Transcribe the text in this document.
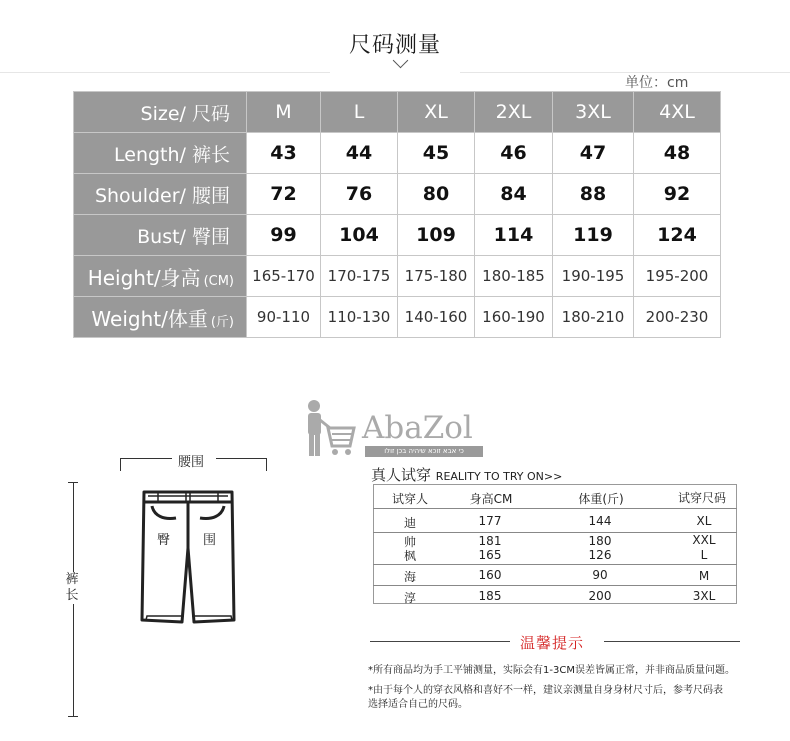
尺码测量
单位：cm
Size/ 尺码	M	L	XL	2XL	3XL	4XL
Length/ 裤长	43	44	45	46	47	48
Shoulder/ 腰围	72	76	80	84	88	92
Bust/ 臀围	99	104	109	114	119	124
Height/身高 (CM)	165-170	170-175	175-180	180-185	190-195	195-200
Weight/体重 (斤)	90-110	110-130	140-160	160-190	180-210	200-230
AbaZol
כי אבא זוכא שיהיה בכן זולו
腰围
裤长
臀	围
真人试穿 REALITY TO TRY ON>>
试穿人	身高CM	体重(斤)	试穿尺码
迪	177	144	XL
帅	181	180	XXL
枫	165	126	L
海	160	90	M
淳	185	200	3XL
温馨提示
*所有商品均为手工平铺测量，实际会有1-3CM误差皆属正常，并非商品质量问题。
*由于每个人的穿衣风格和喜好不一样，建议亲测量自身身材尺寸后，参考尺码表
选择适合自己的尺码。
